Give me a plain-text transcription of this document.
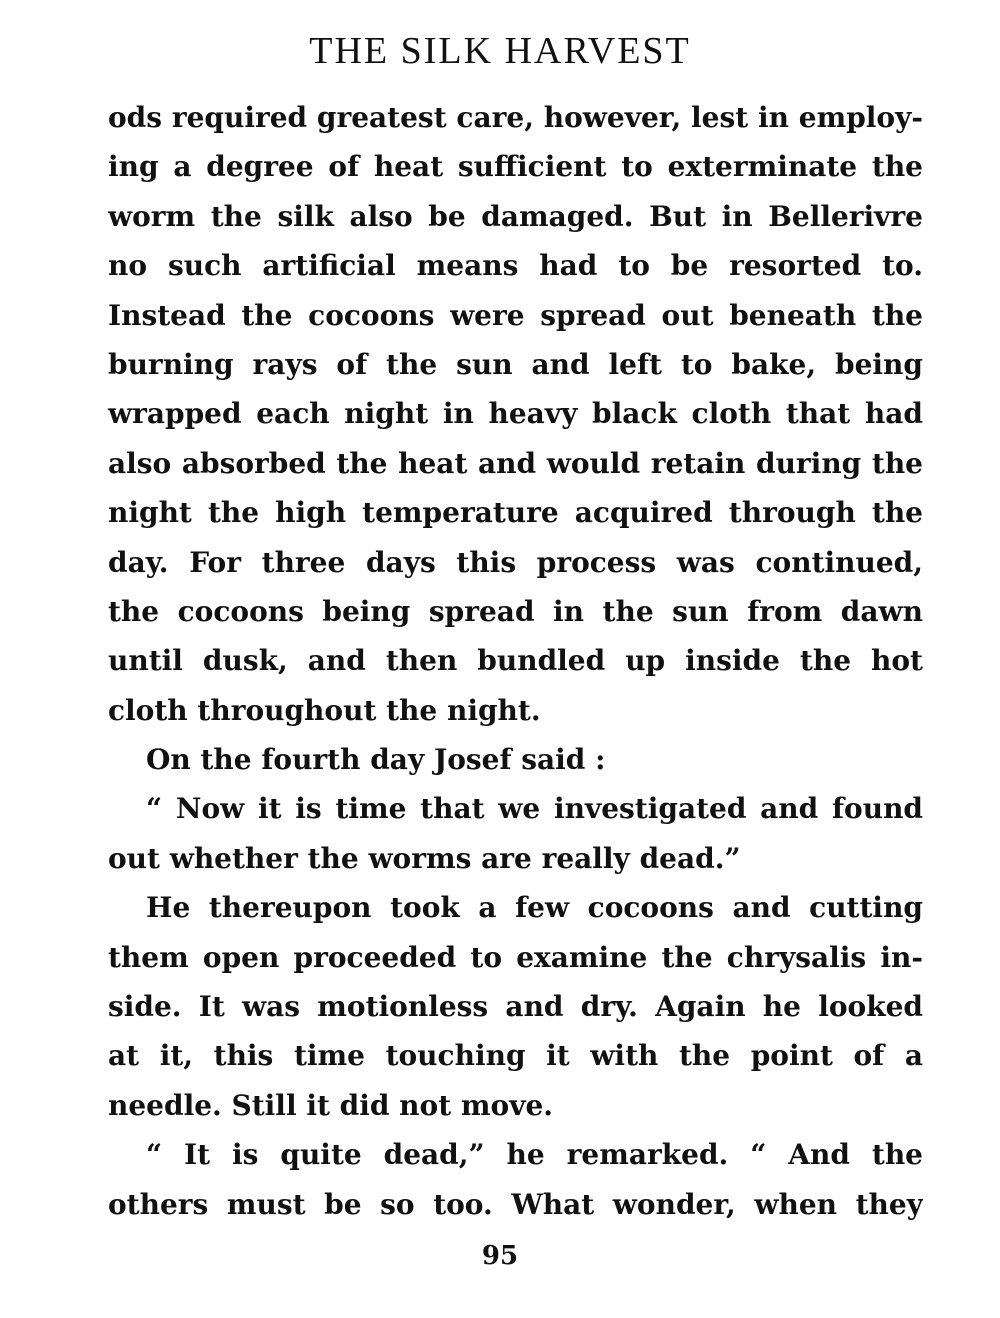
THE SILK HARVEST
ods required greatest care, however, lest in employ-
ing a degree of heat sufficient to exterminate the
worm the silk also be damaged. But in Bellerivre
no such artificial means had to be resorted to.
Instead the cocoons were spread out beneath the
burning rays of the sun and left to bake, being
wrapped each night in heavy black cloth that had
also absorbed the heat and would retain during the
night the high temperature acquired through the
day. For three days this process was continued,
the cocoons being spread in the sun from dawn
until dusk, and then bundled up inside the hot
cloth throughout the night.
On the fourth day Josef said :
“ Now it is time that we investigated and found
out whether the worms are really dead.”
He thereupon took a few cocoons and cutting
them open proceeded to examine the chrysalis in-
side. It was motionless and dry. Again he looked
at it, this time touching it with the point of a
needle. Still it did not move.
“ It is quite dead,” he remarked. “ And the
others must be so too. What wonder, when they
95
